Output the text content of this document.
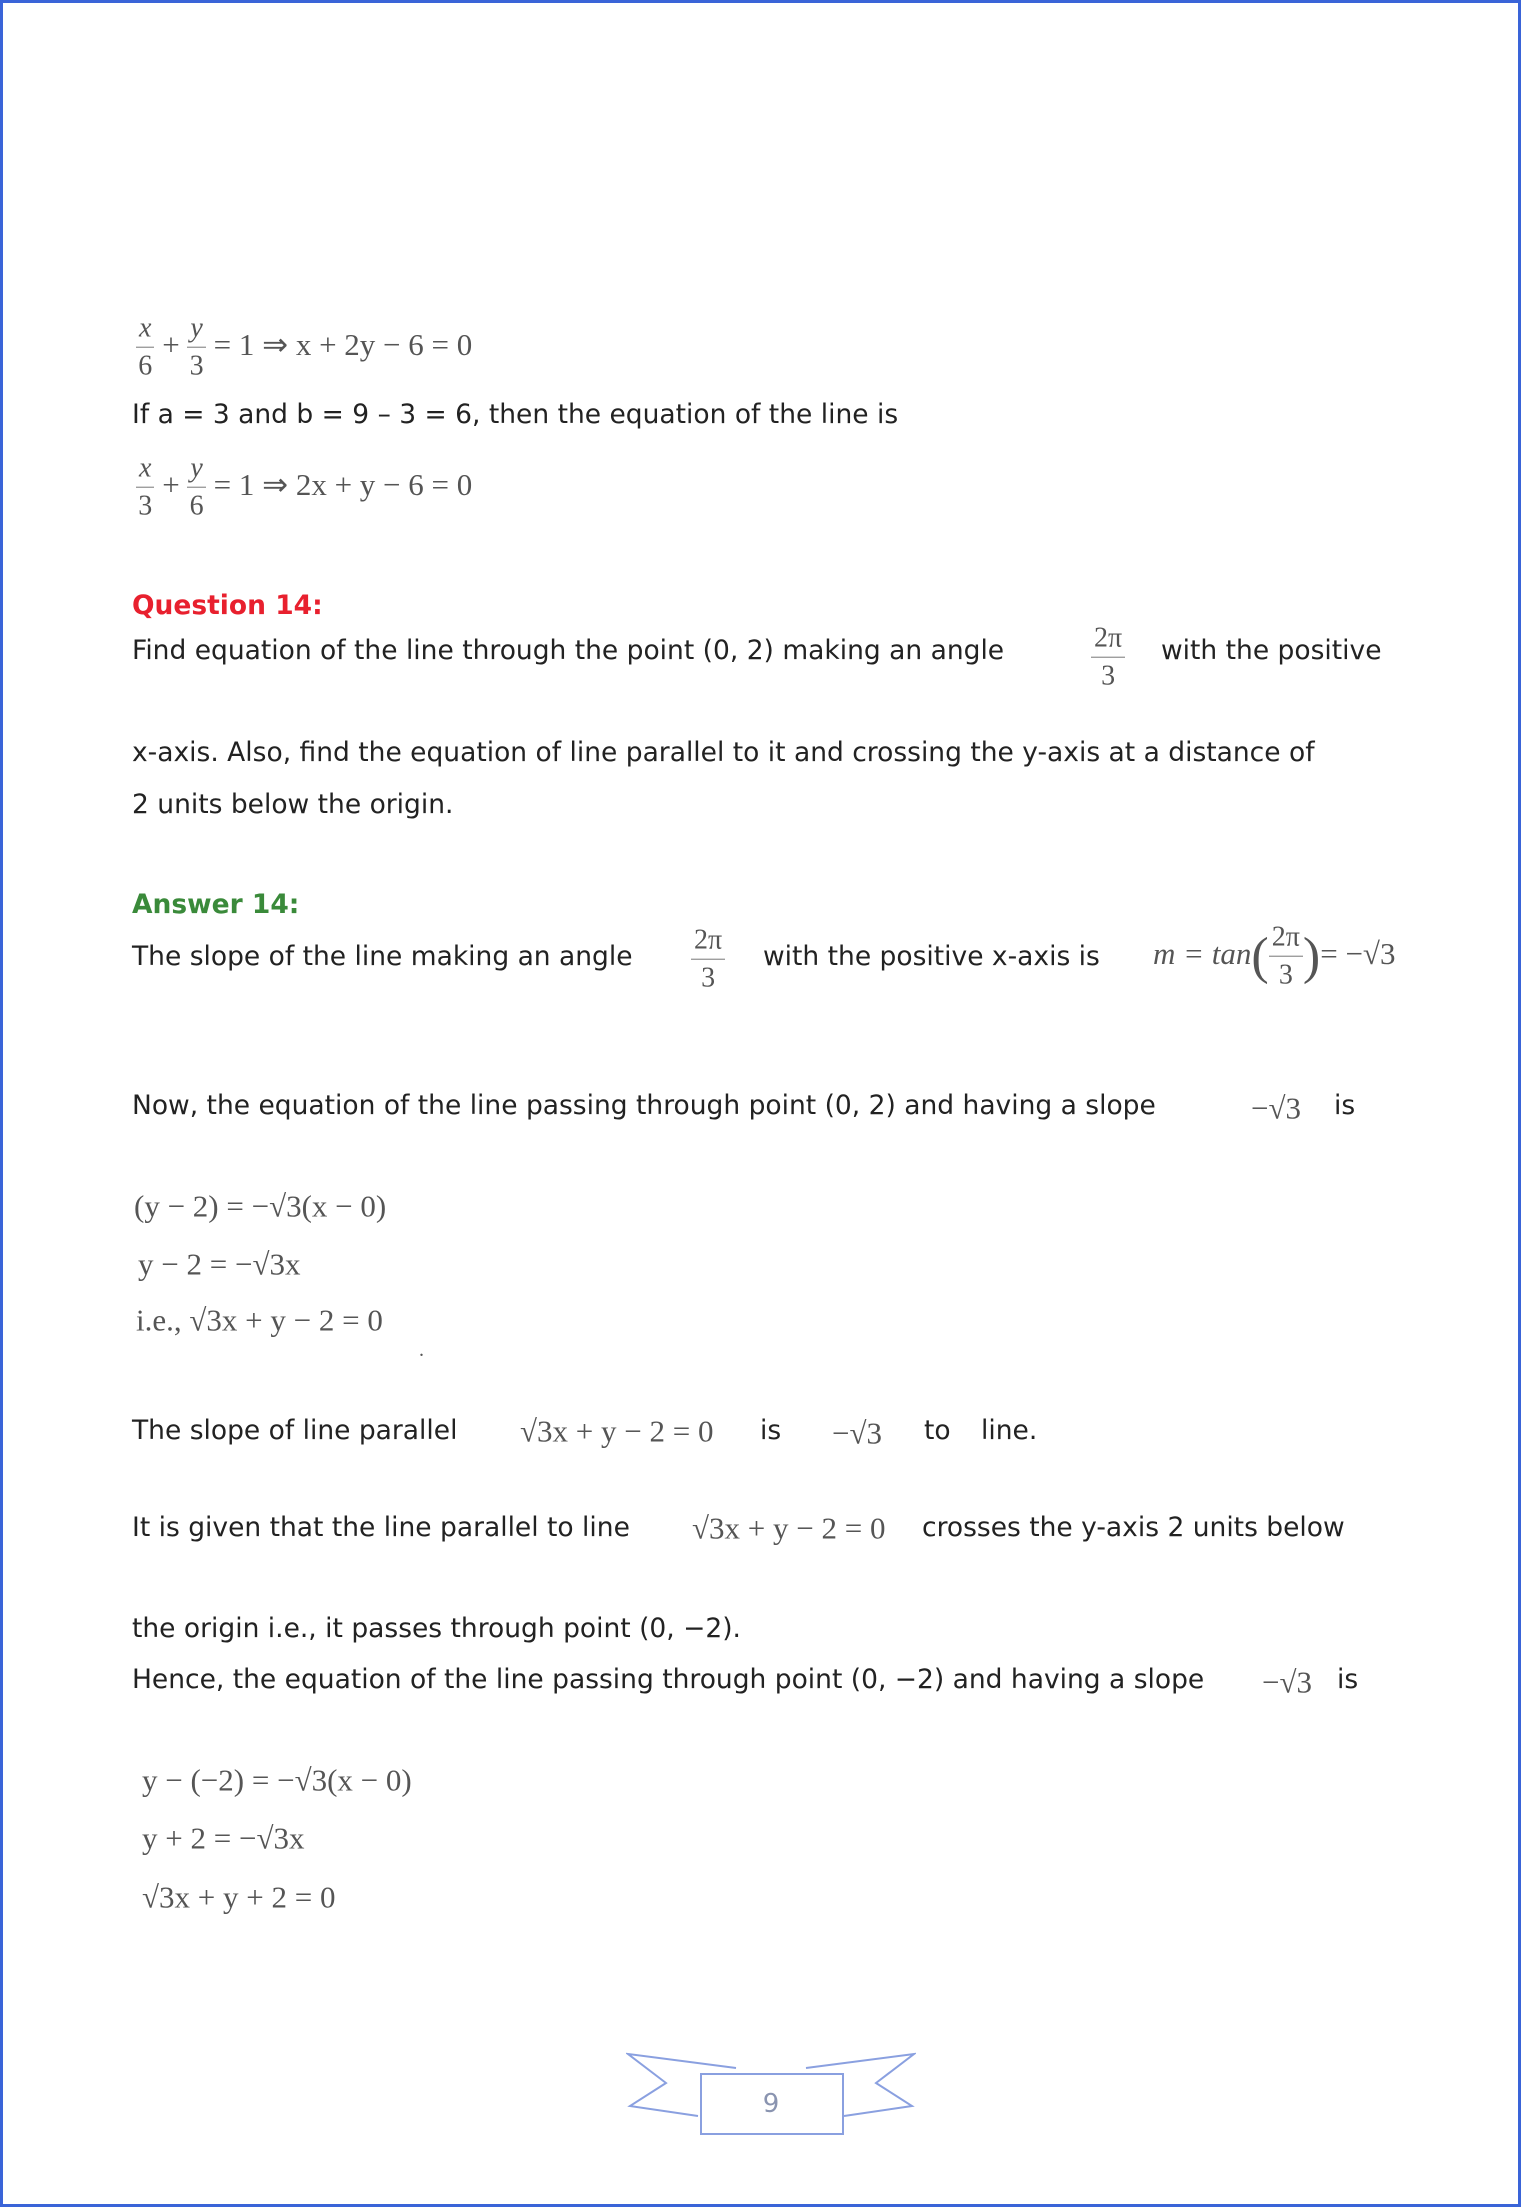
$\frac{x}{6} + \frac{y}{3} = 1$ ⇒ x + 2y − 6 = 0
If a = 3 and b = 9 – 3 = 6, then the equation of the line is
$\frac{x}{3} + \frac{y}{6} = 1$ ⇒ 2x + y − 6 = 0
Question 14:
Find equation of the line through the point (0, 2) making an angle	$\frac{2\pi}{3}$ with the positive
x-axis. Also, find the equation of line parallel to it and crossing the y-axis at a distance of
2 units below the origin.
Answer 14:
The slope of the line making an angle $\frac{2\pi}{3}$ with the positive x-axis is $m = \tan( \frac{2\pi}{3}$ )= −√3
Now, the equation of the line passing through point (0, 2) and having a slope	−√3 is
(y − 2) = −√3(x − 0)
y − 2 = −√3x
i.e., √3x + y − 2 = 0
.
The slope of line parallel √3x + y − 2 = 0 is −√3 to line.
It is given that the line parallel to line √3x + y − 2 = 0 crosses the y-axis 2 units below
the origin i.e., it passes through point (0, −2).
Hence, the equation of the line passing through point (0, −2) and having a slope −√3 is
y − (−2) = −√3(x − 0)
y + 2 = −√3x
√3x + y + 2 = 0
9
